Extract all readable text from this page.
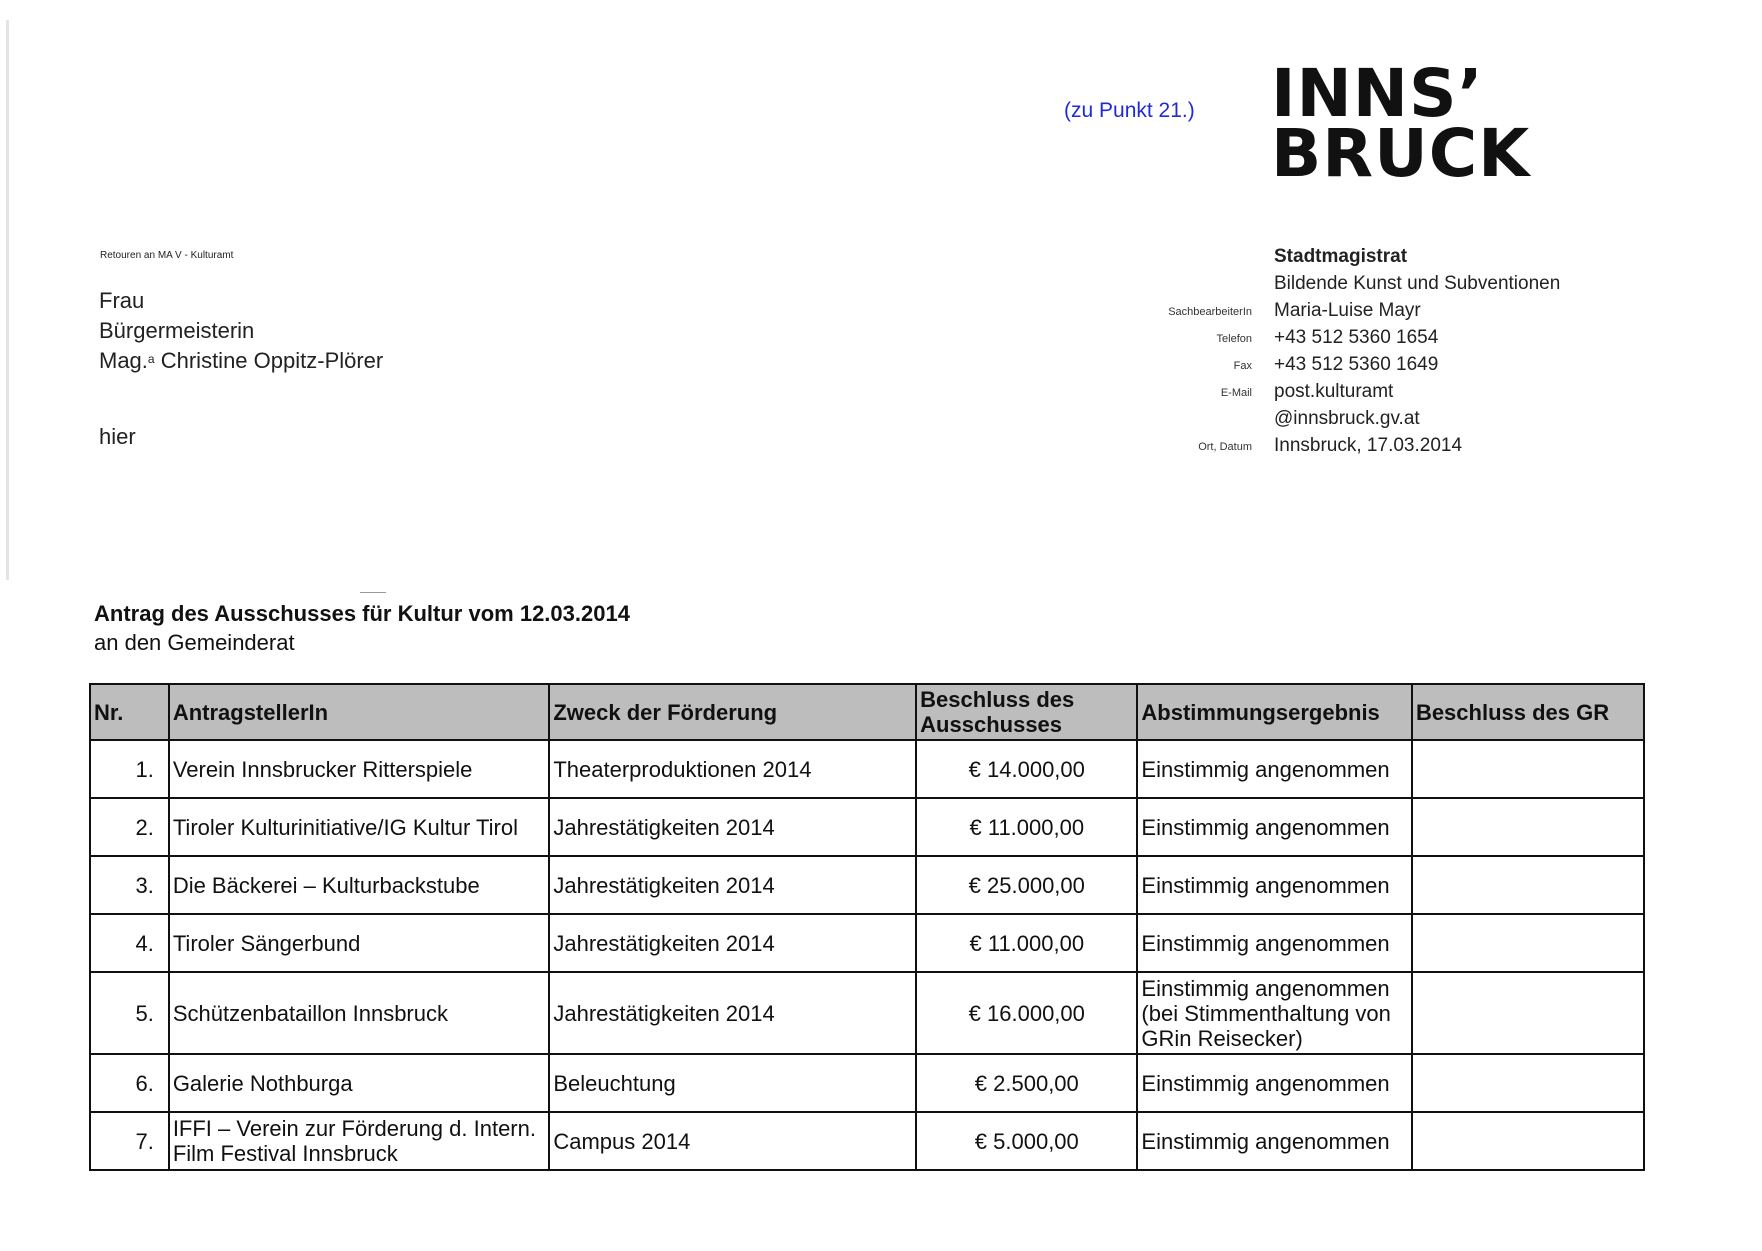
(zu Punkt 21.) INNS’
BRUCK
Retouren an MA V - Kulturamt
Frau
Bürgermeisterin
Mag.$^a$ Christine Oppitz-Plörer
hier
Stadtmagistrat
Bildende Kunst und Subventionen
SachbearbeiterIn Maria-Luise Mayr
Telefon +43 512 5360 1654
Fax +43 512 5360 1649
E-Mail post.kulturamt
@innsbruck.gv.at
Ort, Datum Innsbruck, 17.03.2014
Antrag des Ausschusses für Kultur vom 12.03.2014
an den Gemeinderat
Nr.	AntragstellerIn	Zweck der Förderung	Beschluss des Ausschusses	Abstimmungsergebnis	Beschluss des GR
1.	Verein Innsbrucker Ritterspiele	Theaterproduktionen 2014	€ 14.000,00	Einstimmig angenommen	
2.	Tiroler Kulturinitiative/IG Kultur Tirol	Jahrestätigkeiten 2014	€ 11.000,00	Einstimmig angenommen	
3.	Die Bäckerei – Kulturbackstube	Jahrestätigkeiten 2014	€ 25.000,00	Einstimmig angenommen	
4.	Tiroler Sängerbund	Jahrestätigkeiten 2014	€ 11.000,00	Einstimmig angenommen	
5.	Schützenbataillon Innsbruck	Jahrestätigkeiten 2014	€ 16.000,00	Einstimmig angenommen
(bei Stimmenthaltung von
GRin Reisecker)	

6.	Galerie Nothburga	Beleuchtung	€ 2.500,00	Einstimmig angenommen	
7.	IFFI – Verein zur Förderung d. Intern.
Film Festival Innsbruck	Campus 2014	€ 5.000,00	Einstimmig angenommen	
